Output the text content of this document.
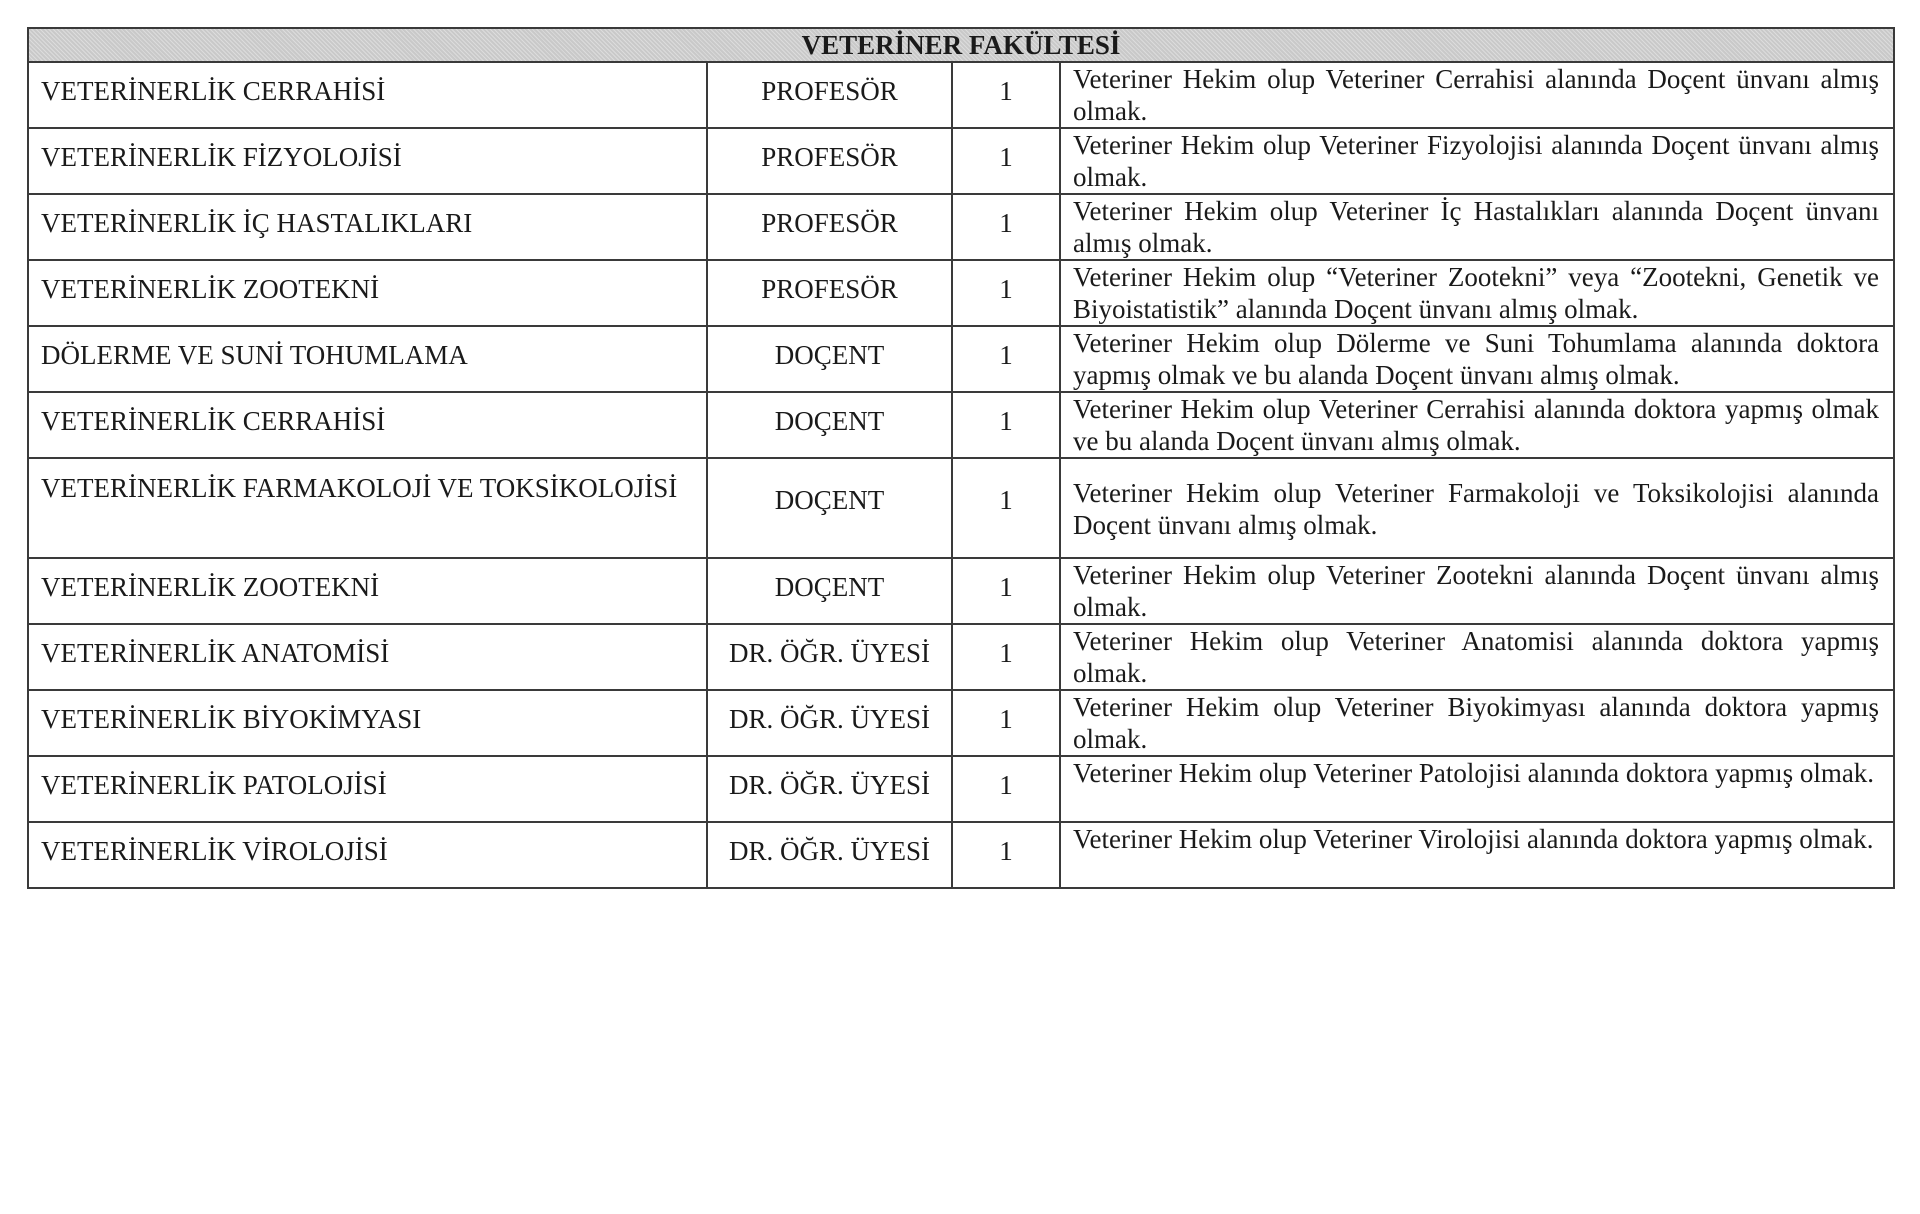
VETERİNER FAKÜLTESİ			

VETERİNERLİK CERRAHİSİ	PROFESÖR	1	Veteriner Hekim olup Veteriner Cerrahisi alanında Doçent ünvanı almış olmak.

VETERİNERLİK FİZYOLOJİSİ	PROFESÖR	1	Veteriner Hekim olup Veteriner Fizyolojisi alanında Doçent ünvanı almış olmak.

VETERİNERLİK İÇ HASTALIKLARI	PROFESÖR	1	Veteriner Hekim olup Veteriner İç Hastalıkları alanında Doçent ünvanı almış olmak.

VETERİNERLİK ZOOTEKNİ	PROFESÖR	1	Veteriner Hekim olup “Veteriner Zootekni” veya “Zootekni, Genetik ve Biyoistatistik” alanında Doçent ünvanı almış olmak.

DÖLERME VE SUNİ TOHUMLAMA	DOÇENT	1	Veteriner Hekim olup Dölerme ve Suni Tohumlama alanında doktora yapmış olmak ve bu alanda Doçent ünvanı almış olmak.

VETERİNERLİK CERRAHİSİ	DOÇENT	1	Veteriner Hekim olup Veteriner Cerrahisi alanında doktora yapmış olmak ve bu alanda Doçent ünvanı almış olmak.

VETERİNERLİK FARMAKOLOJİ VE TOKSİKOLOJİSİ	DOÇENT	1	Veteriner Hekim olup Veteriner Farmakoloji ve Toksikolojisi alanında Doçent ünvanı almış olmak.

VETERİNERLİK ZOOTEKNİ	DOÇENT	1	Veteriner Hekim olup Veteriner Zootekni alanında Doçent ünvanı almış olmak.

VETERİNERLİK ANATOMİSİ	DR. ÖĞR. ÜYESİ	1	Veteriner Hekim olup Veteriner Anatomisi alanında doktora yapmış olmak.

VETERİNERLİK BİYOKİMYASI	DR. ÖĞR. ÜYESİ	1	Veteriner Hekim olup Veteriner Biyokimyası alanında doktora yapmış olmak.

VETERİNERLİK PATOLOJİSİ	DR. ÖĞR. ÜYESİ	1	Veteriner Hekim olup Veteriner Patolojisi alanında doktora yapmış olmak.

VETERİNERLİK VİROLOJİSİ	DR. ÖĞR. ÜYESİ	1	Veteriner Hekim olup Veteriner Virolojisi alanında doktora yapmış olmak.
